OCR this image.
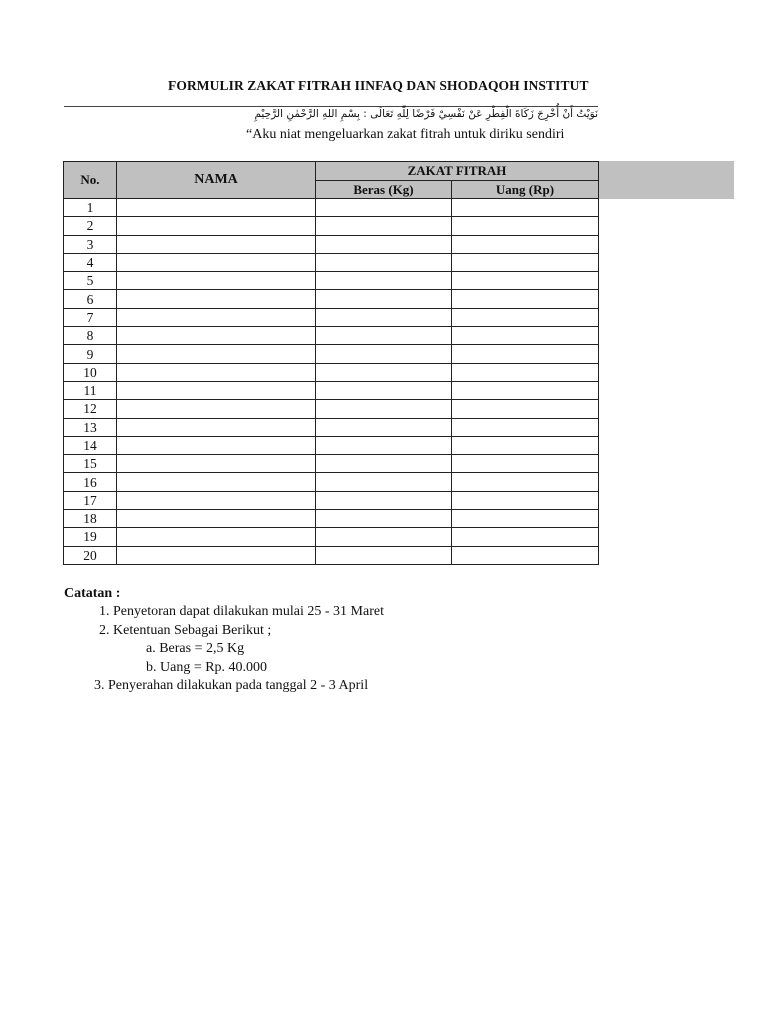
FORMULIR ZAKAT FITRAH IINFAQ DAN SHODAQOH INSTITUT
نَوَيْتُ أَنْ أُخْرِجَ زَكَاةَ الْفِطْرِ عَنْ نَفْسِيْ فَرْضًا لِلّٰهِ تَعَالَى : بِسْمِ اللهِ الرَّحْمٰنِ الرَّحِيْمِ
“Aku niat mengeluarkan zakat fitrah untuk diriku sendiri
No.	NAMA	ZAKAT FITRAH	
		Beras (Kg)	Uang (Rp)
1			
2			
3			
4			
5			
6			
7			
8			
9			
10			
11			
12			
13			
14			
15			
16			
17			
18			
19			
20			
Catatan :
1. Penyetoran dapat dilakukan mulai 25 - 31 Maret
2. Ketentuan Sebagai Berikut ;
a. Beras = 2,5 Kg
b. Uang = Rp. 40.000
3. Penyerahan dilakukan pada tanggal 2 - 3 April
